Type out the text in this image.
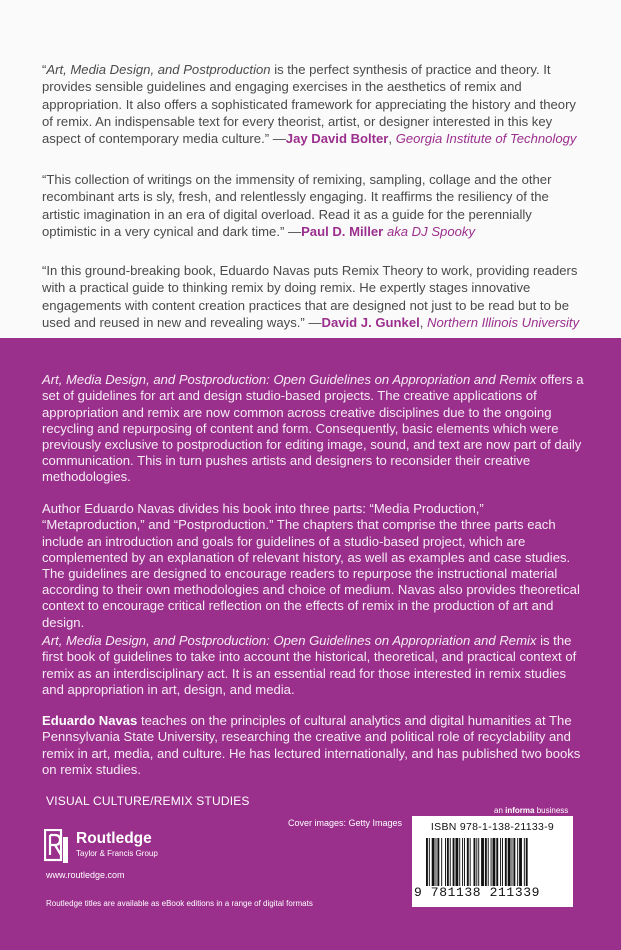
“Art, Media Design, and Postproduction is the perfect synthesis of practice and theory. It provides sensible guidelines and engaging exercises in the aesthetics of remix and appropriation. It also offers a sophisticated framework for appreciating the history and theory of remix. An indispensable text for every theorist, artist, or designer interested in this key aspect of contemporary media culture.” —Jay David Bolter, Georgia Institute of Technology

“This collection of writings on the immensity of remixing, sampling, collage and the other recombinant arts is sly, fresh, and relentlessly engaging. It reaffirms the resiliency of the artistic imagination in an era of digital overload. Read it as a guide for the perennially optimistic in a very cynical and dark time.” —Paul D. Miller aka DJ Spooky

“In this ground-breaking book, Eduardo Navas puts Remix Theory to work, providing readers with a practical guide to thinking remix by doing remix. He expertly stages innovative engagements with content creation practices that are designed not just to be read but to be used and reused in new and revealing ways.” —David J. Gunkel, Northern Illinois University

Art, Media Design, and Postproduction: Open Guidelines on Appropriation and Remix offers a set of guidelines for art and design studio-based projects. The creative applications of appropriation and remix are now common across creative disciplines due to the ongoing recycling and repurposing of content and form. Consequently, basic elements which were previously exclusive to postproduction for editing image, sound, and text are now part of daily communication. This in turn pushes artists and designers to reconsider their creative methodologies.

Author Eduardo Navas divides his book into three parts: “Media Production,” “Metaproduction,” and “Postproduction.” The chapters that comprise the three parts each include an introduction and goals for guidelines of a studio-based project, which are complemented by an explanation of relevant history, as well as examples and case studies. The guidelines are designed to encourage readers to repurpose the instructional material according to their own methodologies and choice of medium. Navas also provides theoretical context to encourage critical reflection on the effects of remix in the production of art and design.

Art, Media Design, and Postproduction: Open Guidelines on Appropriation and Remix is the first book of guidelines to take into account the historical, theoretical, and practical context of remix as an interdisciplinary act. It is an essential read for those interested in remix studies and appropriation in art, design, and media.

Eduardo Navas teaches on the principles of cultural analytics and digital humanities at The Pennsylvania State University, researching the creative and political role of recyclability and remix in art, media, and culture. He has lectured internationally, and has published two books on remix studies.

VISUAL CULTURE/REMIX STUDIES
an informa business
Cover images: Getty Images
Routledge
Taylor & Francis Group
www.routledge.com
Routledge titles are available as eBook editions in a range of digital formats
ISBN 978-1-138-21133-9
9 781138 211339
